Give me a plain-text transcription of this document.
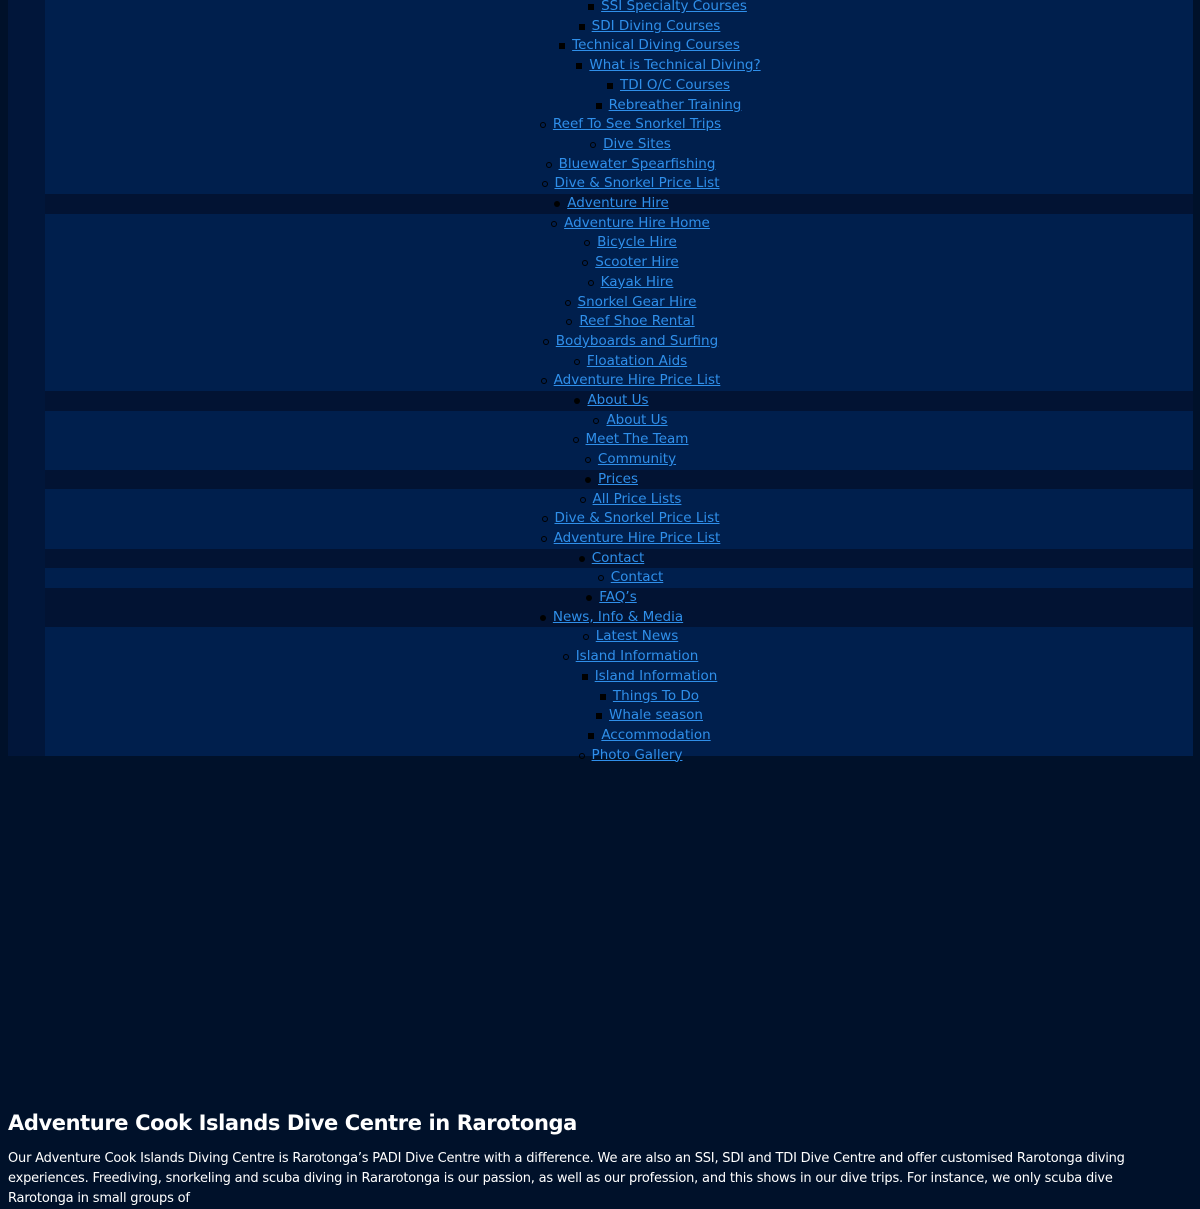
SSI Specialty Courses
SDI Diving Courses
Technical Diving Courses
What is Technical Diving?
TDI O/C Courses
Rebreather Training
Reef To See Snorkel Trips
Dive Sites
Bluewater Spearfishing
Dive & Snorkel Price List
Adventure Hire
Adventure Hire Home
Bicycle Hire
Scooter Hire
Kayak Hire
Snorkel Gear Hire
Reef Shoe Rental
Bodyboards and Surfing
Floatation Aids
Adventure Hire Price List
About Us
About Us
Meet The Team
Community
Prices
All Price Lists
Dive & Snorkel Price List
Adventure Hire Price List
Contact
Contact
FAQ’s
News, Info & Media
Latest News
Island Information
Island Information
Things To Do
Whale season
Accommodation
Photo Gallery
Adventure Cook Islands Dive Centre in Rarotonga

Our Adventure Cook Islands Diving Centre is Rarotonga’s PADI Dive Centre with a difference. We are also an SSI, SDI and TDI Dive Centre and offer customised Rarotonga diving experiences. Freediving, snorkeling and scuba diving in Rararotonga is our passion, as well as our profession, and this shows in our dive trips. For instance, we only scuba dive Rarotonga in small groups of
